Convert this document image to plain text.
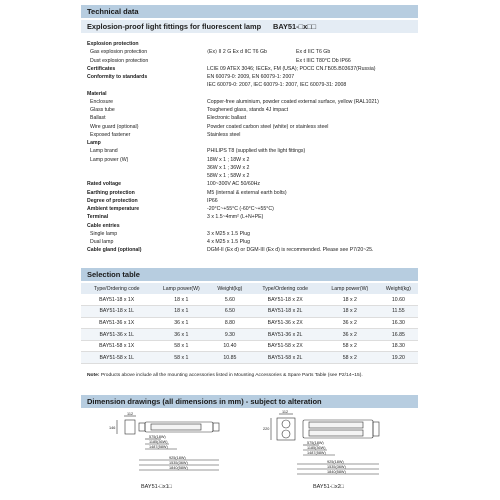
Technical data
Explosion-proof light fittings for fluorescent lamp BAY51-□x□□
Explosion protection
Gas explosion protection	⟨Ex⟩ II 2 G Ex d IIC T6 Gb	Ex d IIC T6 Gb
Dust explosion protection	Ex t IIIC T80°C Db IP66
Certificates	LCIE 09 ATEX 3046; IECEx, FM (USA); POCC CN.ГБ05.B03637(Russia)
Conformity to standards	EN 60079-0: 2009, EN 60079-1: 2007
IEC 60079-0: 2007, IEC 60079-1: 2007, IEC 60079-31: 2008
Material
Enclosure	Copper-free aluminium, powder coated external surface, yellow (RAL1021)
Glass tube	Toughened glass, stands 4J impact
Ballast	Electronic ballast
Wire guard (optional)	Powder coated carbon steel (white) or stainless steel
Exposed fastener	Stainless steel
Lamp
Lamp brand	PHILIPS T8 (supplied with the light fittings)
Lamp power (W)	18W x 1 ; 18W x 2
36W x 1 ; 36W x 2
58W x 1 ; 58W x 2
Rated voltage	100~300V AC 50/60Hz
Earthing protection	M5 (internal & external earth bolts)
Degree of protection	IP66
Ambient temperature	-20°C~+55°C (-60°C~+55°C)
Terminal	3 x 1.5~4mm² (L+N+PE)
Cable entries
Single lamp	3 x M25 x 1.5 Plug
Dual lamp	4 x M25 x 1.5 Plug
Cable gland (optional)	DGM-II (Ex d) or DGM-III (Ex d) is recommended. Please see P7/20~25.
Selection table
Type/Ordering code	Lamp power(W)	Weight(kg)	Type/Ordering code	Lamp power(W)	Weight(kg)
BAY51-18 x 1X	18 x 1	5.60	BAY51-18 x 2X	18 x 2	10.60
BAY51-18 x 1L	18 x 1	6.50	BAY51-18 x 2L	18 x 2	11.55
BAY51-36 x 1X	36 x 1	8.80	BAY51-36 x 2X	36 x 2	16.30
BAY51-36 x 1L	36 x 1	9.30	BAY51-36 x 2L	36 x 2	16.85
BAY51-58 x 1X	58 x 1	10.40	BAY51-58 x 2X	58 x 2	18.30
BAY51-58 x 1L	58 x 1	10.85	BAY51-58 x 2L	58 x 2	19.20
Note: Products above include all the mounting accessories listed in Mounting Accessories & Spare Parts Table (see P2/14~15).
Dimension drawings (all dimensions in mm) - subject to alteration
112
146
575(18W)
1185(36W)
1487(58W)
925(18W)
1535(36W)
1840(58W)
BAY51-□x1□
112
220
575(18W)
1185(36W)
1487(58W)
925(18W)
1535(36W)
1840(58W)
BAY51-□x2□
